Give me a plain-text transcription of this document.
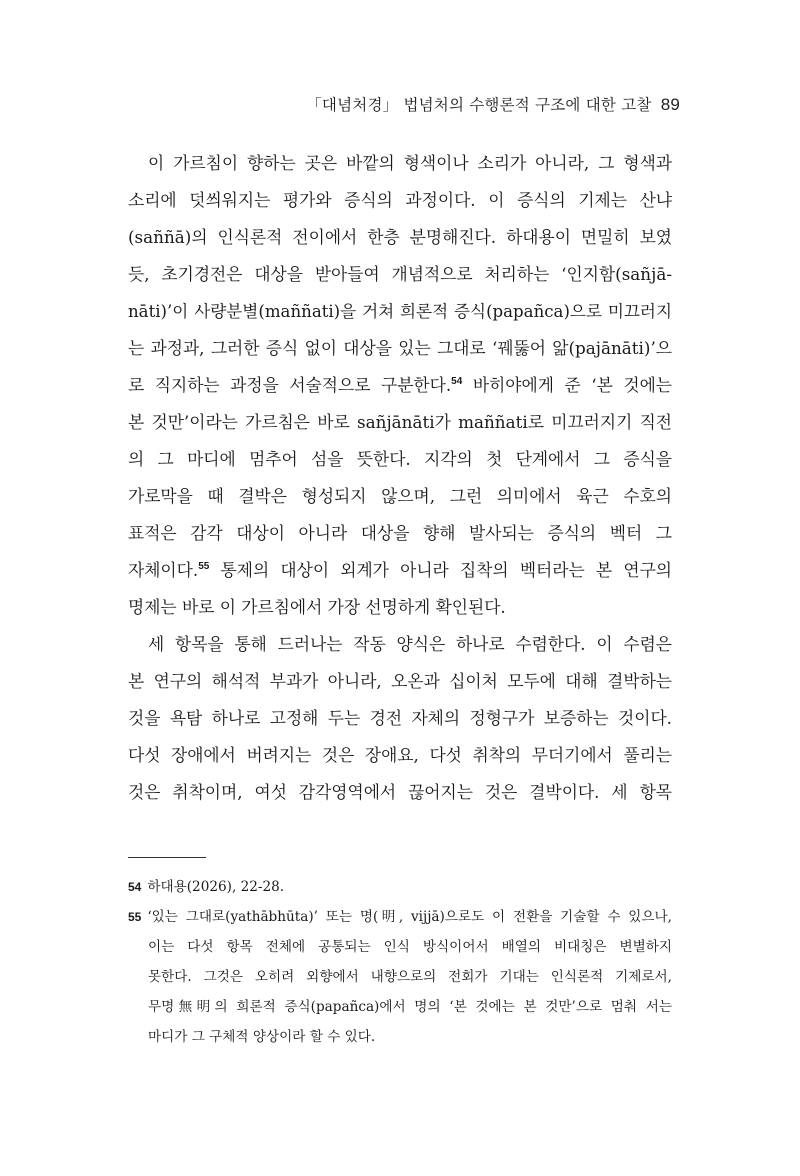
「대념처경」 법념처의 수행론적 구조에 대한 고찰 89
이 가르침이 향하는 곳은 바깥의 형색이나 소리가 아니라, 그 형색과
소리에 덧씌워지는 평가와 증식의 과정이다. 이 증식의 기제는 산냐
(saññā)의 인식론적 전이에서 한층 분명해진다. 하대용이 면밀히 보였
듯, 초기경전은 대상을 받아들여 개념적으로 처리하는 ‘인지함(sañjā-
nāti)’이 사량분별(maññati)을 거쳐 희론적 증식(papañca)으로 미끄러지
는 과정과, 그러한 증식 없이 대상을 있는 그대로 ‘꿰뚫어 앎(pajānāti)’으
로 직지하는 과정을 서술적으로 구분한다.$^{54}$ 바히야에게 준 ‘본 것에는
본 것만’이라는 가르침은 바로 sañjānāti가 maññati로 미끄러지기 직전
의 그 마디에 멈추어 섬을 뜻한다. 지각의 첫 단계에서 그 증식을
가로막을 때 결박은 형성되지 않으며, 그런 의미에서 육근 수호의
표적은 감각 대상이 아니라 대상을 향해 발사되는 증식의 벡터 그
자체이다.$^{55}$ 통제의 대상이 외계가 아니라 집착의 벡터라는 본 연구의
명제는 바로 이 가르침에서 가장 선명하게 확인된다.
세 항목을 통해 드러나는 작동 양식은 하나로 수렴한다. 이 수렴은
본 연구의 해석적 부과가 아니라, 오온과 십이처 모두에 대해 결박하는
것을 욕탐 하나로 고정해 두는 경전 자체의 정형구가 보증하는 것이다.
다섯 장애에서 버려지는 것은 장애요, 다섯 취착의 무더기에서 풀리는
것은 취착이며, 여섯 감각영역에서 끊어지는 것은 결박이다. 세 항목
54 하대용(2026), 22-28.
55 ‘있는 그대로(yathābhūta)’ 또는 명(明, vijjā)으로도 이 전환을 기술할 수 있으나,
이는 다섯 항목 전체에 공통되는 인식 방식이어서 배열의 비대칭은 변별하지
못한다. 그것은 오히려 외향에서 내향으로의 전회가 기대는 인식론적 기제로서,
무명無明의 희론적 증식(papañca)에서 명의 ‘본 것에는 본 것만’으로 멈춰 서는
마디가 그 구체적 양상이라 할 수 있다.
